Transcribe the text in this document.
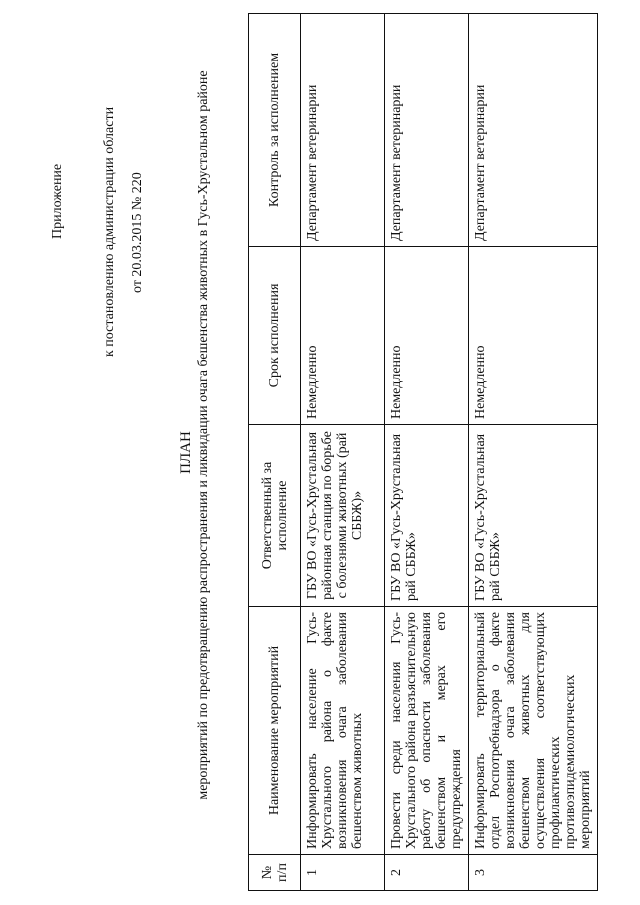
Приложение	к постановлению администрации области от 20.03.2015 № 220
ПЛАН мероприятий по предотвращению распространения и ликвидации очага бешенства животных в Гусь-Хрустальном районе
№ п/п	Наименование мероприятий	Ответственный за исполнение	Срок исполнения	Контроль за исполнением
1	Информировать население Гусь-Хрустального района о факте возникновения очага заболевания бешенством животных	ГБУ ВО «Гусь-Хрустальная районная станция по борьбе с болезнями животных (рай СББЖ)»	Немедленно	Департамент ветеринарии
2	Провести среди населения Гусь-Хрустального района разъяснительную работу об опасности заболевания бешенством и мерах его предупреждения	ГБУ ВО «Гусь-Хрустальная рай СББЖ»	Немедленно	Департамент ветеринарии
3	Информировать территориальный отдел Роспотребнадзора о факте возникновения очага заболевания бешенством животных для осуществления соответствующих профилактических противоэпидемиологических мероприятий	ГБУ ВО «Гусь-Хрустальная рай СББЖ»	Немедленно	Департамент ветеринарии
